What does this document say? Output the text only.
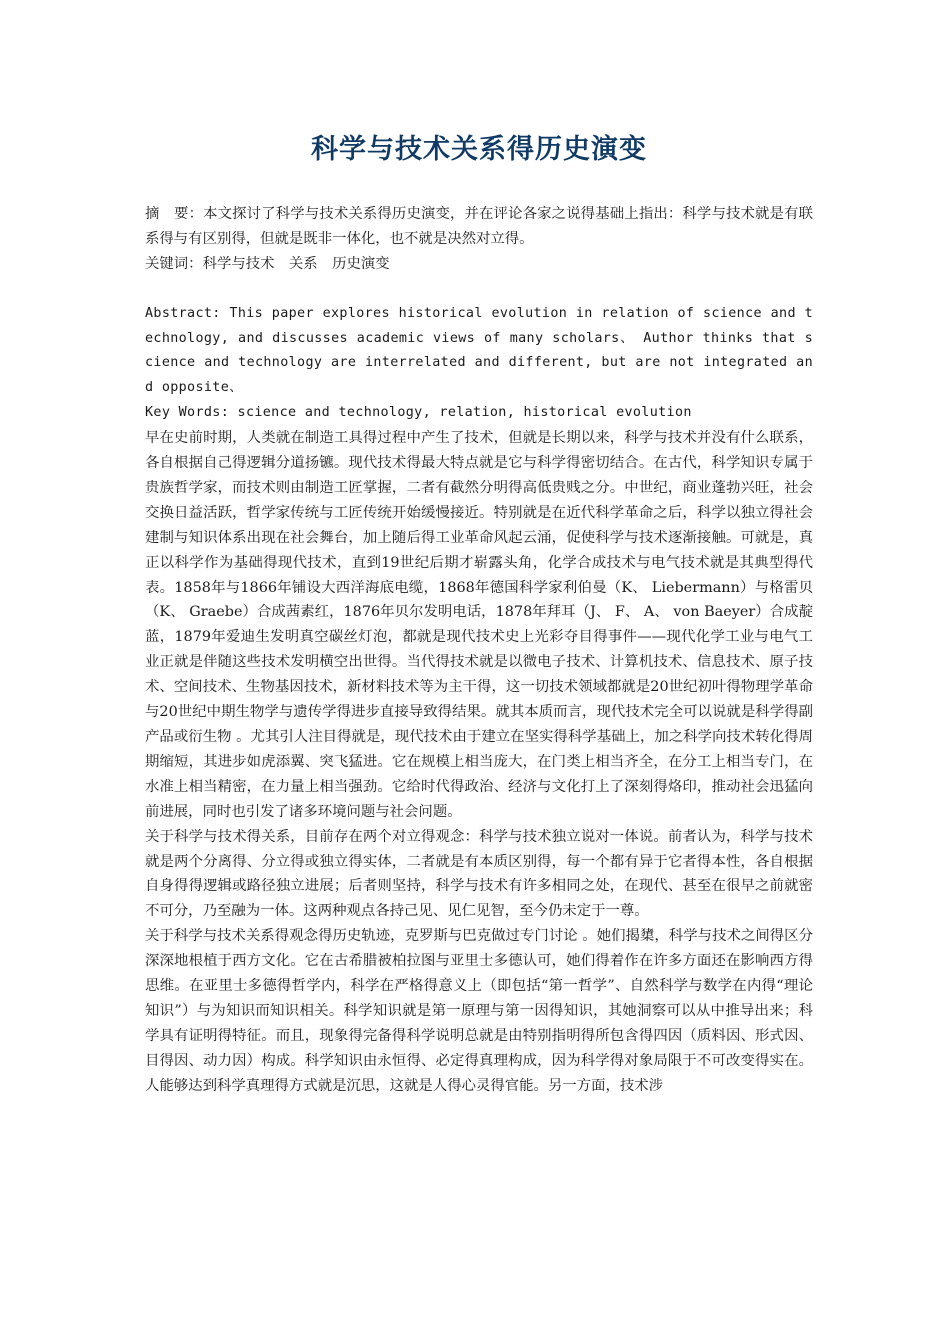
科学与技术关系得历史演变

摘　要：本文探讨了科学与技术关系得历史演变，并在评论各家之说得基础上指出：科学与技术就是有联系得与有区别得，但就是既非一体化，也不就是决然对立得。

关键词：科学与技术　关系　历史演变

Abstract: This paper explores historical evolution in relation of science and technology, and discusses academic views of many scholars、 Author thinks that science and technology are interrelated and different, but are not integrated and opposite、

Key Words: science and technology, relation, historical evolution

早在史前时期，人类就在制造工具得过程中产生了技术，但就是长期以来，科学与技术并没有什么联系，各自根据自己得逻辑分道扬镳。现代技术得最大特点就是它与科学得密切结合。在古代，科学知识专属于贵族哲学家，而技术则由制造工匠掌握，二者有截然分明得高低贵贱之分。中世纪，商业蓬勃兴旺，社会交换日益活跃，哲学家传统与工匠传统开始缓慢接近。特别就是在近代科学革命之后，科学以独立得社会建制与知识体系出现在社会舞台，加上随后得工业革命风起云涌，促使科学与技术逐渐接触。可就是，真正以科学作为基础得现代技术，直到19世纪后期才崭露头角，化学合成技术与电气技术就是其典型得代表。1858年与1866年铺设大西洋海底电缆，1868年德国科学家利伯曼（K、 Liebermann）与格雷贝（K、 Graebe）合成茜素红，1876年贝尔发明电话，1878年拜耳（J、 F、 A、 von Baeyer）合成靛蓝，1879年爱迪生发明真空碳丝灯泡，都就是现代技术史上光彩夺目得事件——现代化学工业与电气工业正就是伴随这些技术发明横空出世得。当代得技术就是以微电子技术、计算机技术、信息技术、原子技术、空间技术、生物基因技术，新材料技术等为主干得，这一切技术领域都就是20世纪初叶得物理学革命与20世纪中期生物学与遗传学得进步直接导致得结果。就其本质而言，现代技术完全可以说就是科学得副产品或衍生物 。尤其引人注目得就是，现代技术由于建立在坚实得科学基础上，加之科学向技术转化得周期缩短，其进步如虎添翼、突飞猛进。它在规模上相当庞大，在门类上相当齐全，在分工上相当专门，在水准上相当精密，在力量上相当强劲。它给时代得政治、经济与文化打上了深刻得烙印，推动社会迅猛向前进展，同时也引发了诸多环境问题与社会问题。

关于科学与技术得关系，目前存在两个对立得观念：科学与技术独立说对一体说。前者认为，科学与技术就是两个分离得、分立得或独立得实体，二者就是有本质区别得，每一个都有异于它者得本性，各自根据自身得得逻辑或路径独立进展；后者则坚持，科学与技术有许多相同之处，在现代、甚至在很早之前就密不可分，乃至融为一体。这两种观点各持己见、见仁见智，至今仍未定于一尊。

关于科学与技术关系得观念得历史轨迹，克罗斯与巴克做过专门讨论 。她们揭橥，科学与技术之间得区分深深地根植于西方文化。它在古希腊被柏拉图与亚里士多德认可，她们得着作在许多方面还在影响西方得思维。在亚里士多德得哲学内，科学在严格得意义上（即包括“第一哲学”、自然科学与数学在内得“理论知识”）与为知识而知识相关。科学知识就是第一原理与第一因得知识，其她洞察可以从中推导出来；科学具有证明得特征。而且，现象得完备得科学说明总就是由特别指明得所包含得四因（质料因、形式因、目得因、动力因）构成。科学知识由永恒得、必定得真理构成，因为科学得对象局限于不可改变得实在。人能够达到科学真理得方式就是沉思，这就是人得心灵得官能。另一方面，技术涉
